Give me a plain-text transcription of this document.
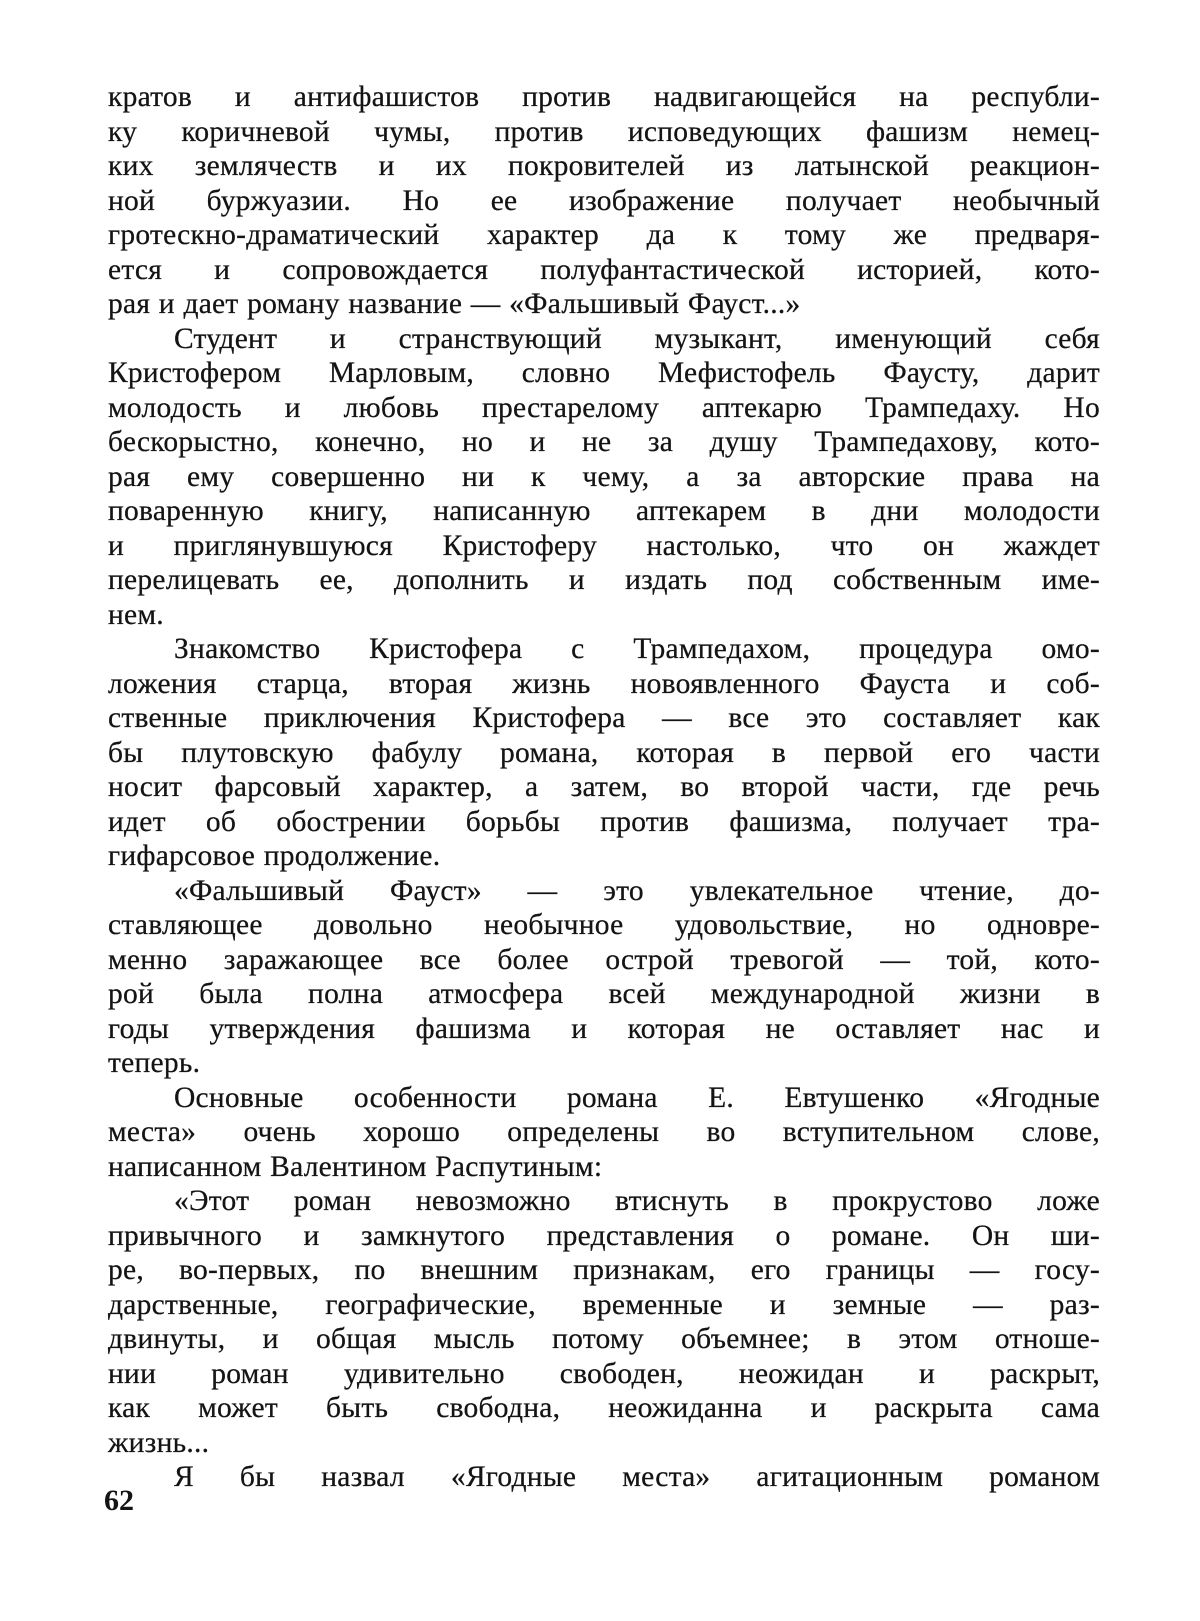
кратов и антифашистов против надвигающейся на республи-
ку коричневой чумы, против исповедующих фашизм немец-
ких землячеств и их покровителей из латынской реакцион-
ной буржуазии. Но ее изображение получает необычный
гротескно-драматический характер да к тому же предваря-
ется и сопровождается полуфантастической историей, кото-
рая и дает роману название — «Фальшивый Фауст...»

Студент и странствующий музыкант, именующий себя
Кристофером Марловым, словно Мефистофель Фаусту, дарит
молодость и любовь престарелому аптекарю Трампедаху. Но
бескорыстно, конечно, но и не за душу Трампедахову, кото-
рая ему совершенно ни к чему, а за авторские права на
поваренную книгу, написанную аптекарем в дни молодости
и приглянувшуюся Кристоферу настолько, что он жаждет
перелицевать ее, дополнить и издать под собственным име-
нем.

Знакомство Кристофера с Трампедахом, процедура омо-
ложения старца, вторая жизнь новоявленного Фауста и соб-
ственные приключения Кристофера — все это составляет как
бы плутовскую фабулу романа, которая в первой его части
носит фарсовый характер, а затем, во второй части, где речь
идет об обострении борьбы против фашизма, получает тра-
гифарсовое продолжение.

«Фальшивый Фауст» — это увлекательное чтение, до-
ставляющее довольно необычное удовольствие, но одновре-
менно заражающее все более острой тревогой — той, кото-
рой была полна атмосфера всей международной жизни в
годы утверждения фашизма и которая не оставляет нас и
теперь.

Основные особенности романа Е. Евтушенко «Ягодные
места» очень хорошо определены во вступительном слове,
написанном Валентином Распутиным:

«Этот роман невозможно втиснуть в прокрустово ложе
привычного и замкнутого представления о романе. Он ши-
ре, во-первых, по внешним признакам, его границы — госу-
дарственные, географические, временные и земные — раз-
двинуты, и общая мысль потому объемнее; в этом отноше-
нии роман удивительно свободен, неожидан и раскрыт,
как может быть свободна, неожиданна и раскрыта сама
жизнь...

Я бы назвал «Ягодные места» агитационным романом

62
